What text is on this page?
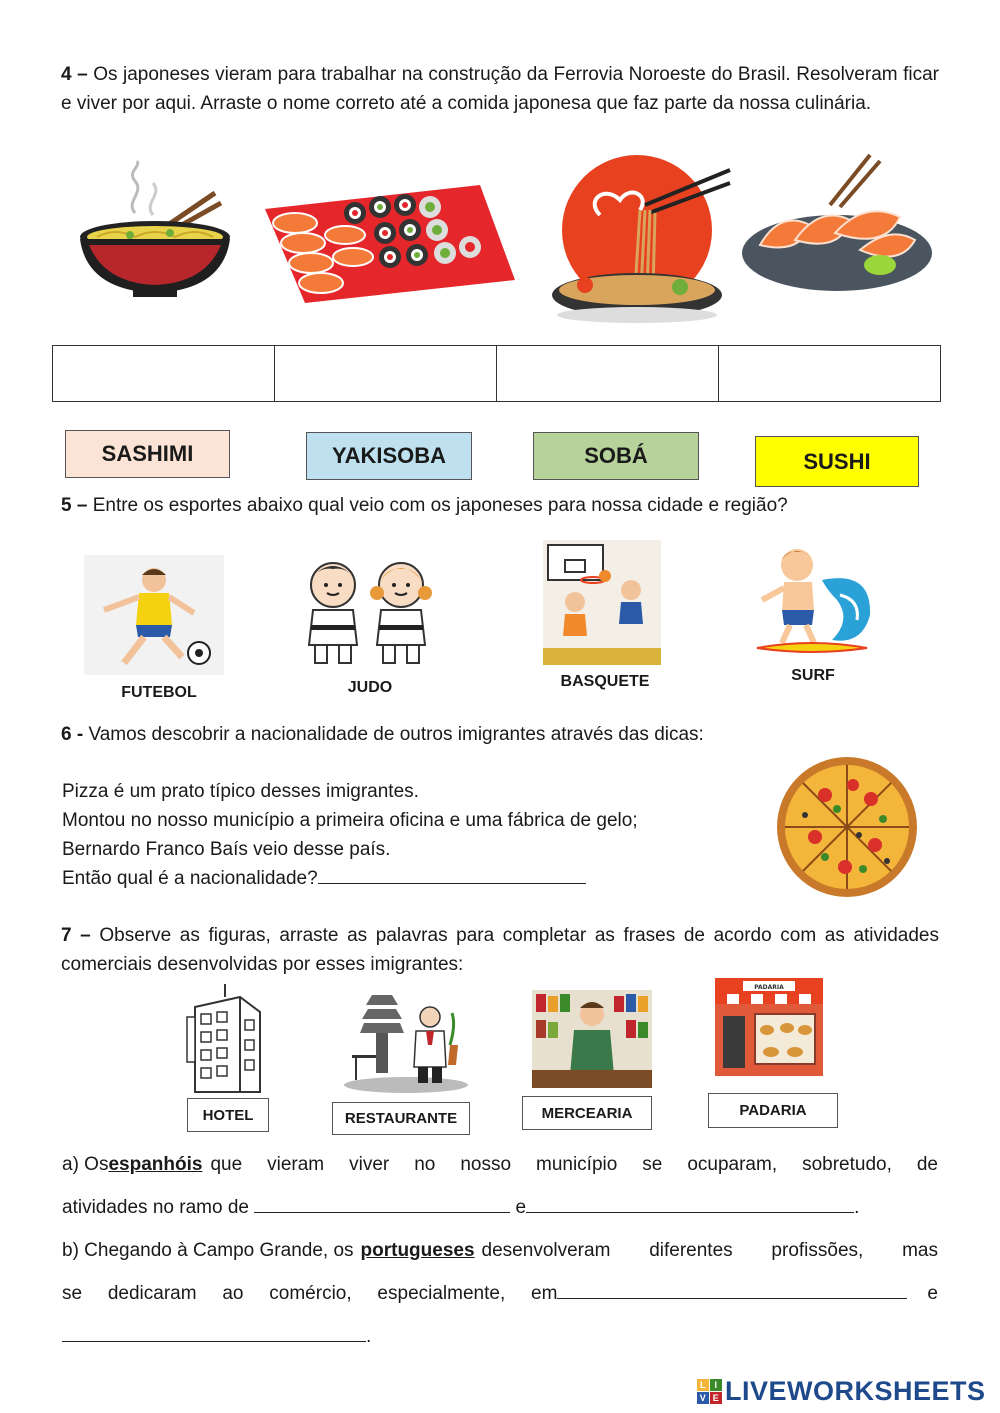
4 – Os japoneses vieram para trabalhar na construção da Ferrovia Noroeste do Brasil. Resolveram ficar e viver por aqui. Arraste o nome correto até a comida japonesa que faz parte da nossa culinária.
SASHIMI	YAKISOBA	SOBÁ	SUSHI
5 – Entre os esportes abaixo qual veio com os japoneses para nossa cidade e região?
FUTEBOL	JUDO	BASQUETE	SURF
6 - Vamos descobrir a nacionalidade de outros imigrantes através das dicas:
Pizza é um prato típico desses imigrantes.
Montou no nosso município a primeira oficina e uma fábrica de gelo;
Bernardo Franco Baís veio desse país.
Então qual é a nacionalidade?
7 – Observe as figuras, arraste as palavras para completar as frases de acordo com as atividades comerciais desenvolvidas por esses imigrantes:
HOTEL	RESTAURANTE	MERCEARIA
PADARIA
PADARIA
a) Os espanhóis que vieram viver no nosso município se ocuparam, sobretudo, de
atividades no ramo de	e	.
b) Chegando à Campo Grande, os portugueses desenvolveram diferentes profissões, mas
se dedicaram ao comércio, especialmente, em	e
.
L I
V E LIVEWORKSHEETS
